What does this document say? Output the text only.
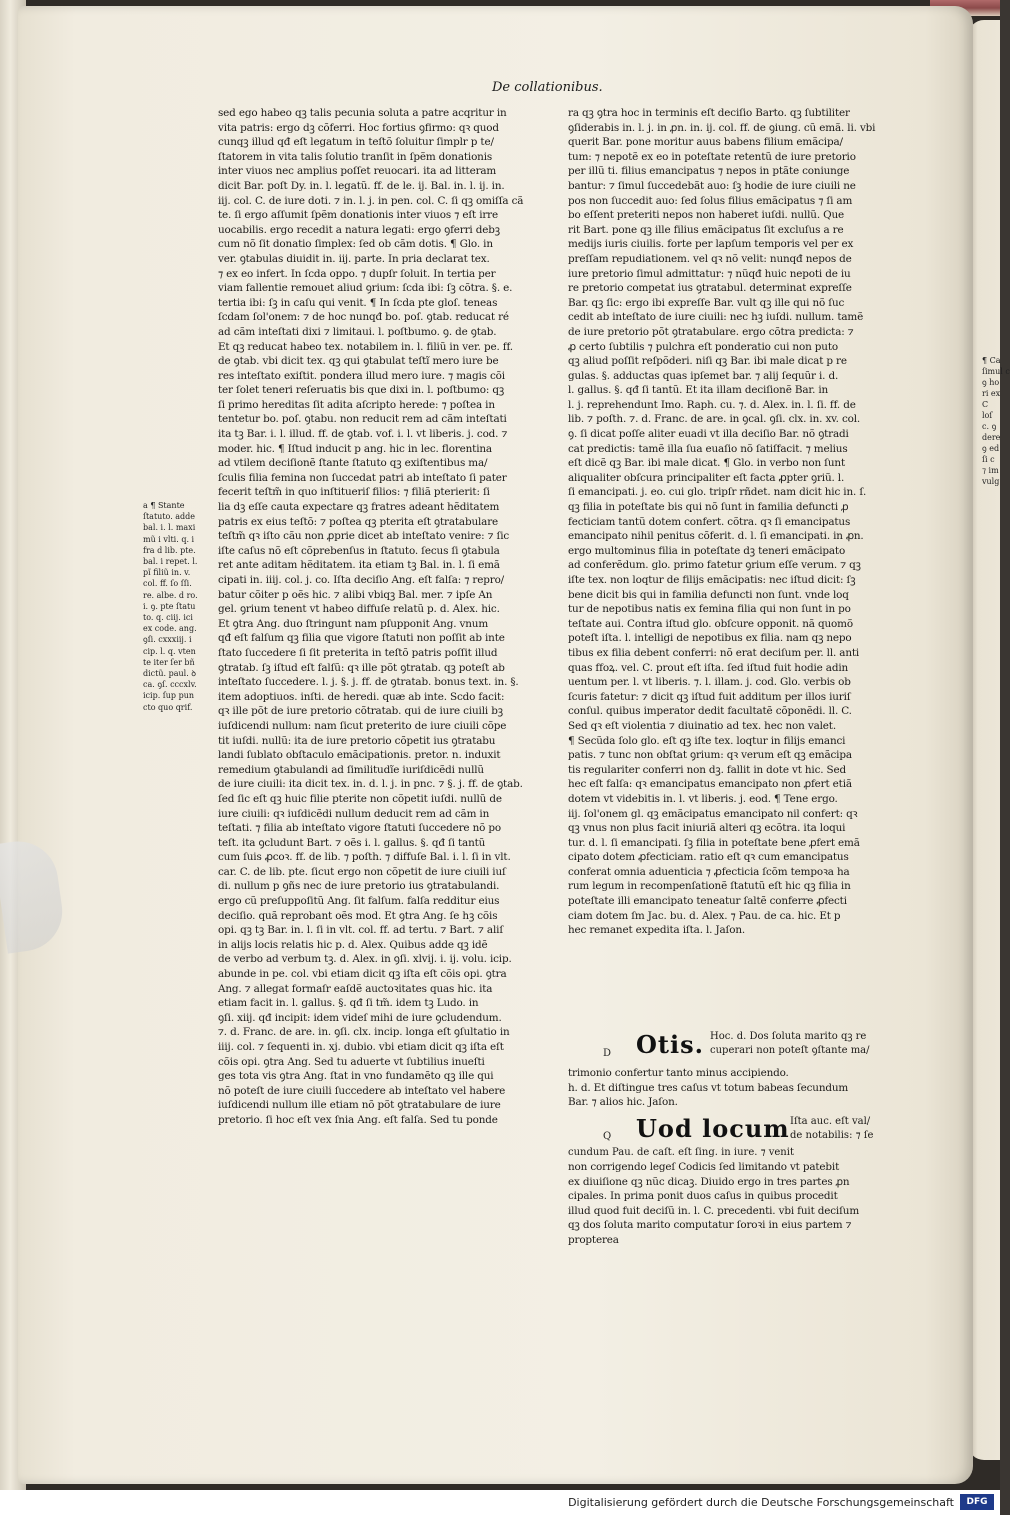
¶ Ca
ſimul c
ꝯ ho
ri ex
C
loſ
c. ꝯ
dere
ꝯ ed
ſi c
⁊ im
vulg
De collationibus.
sed ego habeo qꝫ talis pecunia soluta a patre acqritur in
vita patris: ergo dꝫ cõferri. Hoc fortius ꝯfirmo: qꝛ quod
cunqꝫ illud qđ eſt legatum in teſtõ ſoluitur ſimplr p te/
ſtatorem in vita talis ſolutio tranſit in ſpẽm donationis
inter viuos nec amplius poſſet reuocari. ita ad litteram
dicit Bar. poſt Dy. in. l. legatũ. ff. de le. ij. Bal. in. l. ij. in.
iij. col. C. de iure doti. ⁊ in. l. j. in pen. col. C. ſi qꝫ omiſſa cã
te. ſi ergo aſſumit ſpẽm donationis inter viuos ⁊ eſt irre
uocabilis. ergo recedit a natura legati: ergo ꝯferri debꝫ
cum nõ ſit donatio ſimplex: ſed ob cãm dotis. ¶ Glo. in
ver. ꝯtabulas diuidit in. iij. parte. In pria declarat tex.
⁊ ex eo infert. In ſcda oppo. ⁊ dupſr ſoluit. In tertia per
viam fallentie remouet aliud ꝯrium: ſcda ibi: ſꝫ cõtra. §. e.
tertia ibi: ſꝫ in caſu qui venit. ¶ In ſcda pte gloſ. teneas
ſcdam ſol'onem: ⁊ de hoc nunqđ bo. poſ. ꝯtab. reducat ré
ad cãm inteſtati dixi ⁊ limitaui. l. poſtbumo. ꝯ. de ꝯtab.
Et qꝫ reducat habeo tex. notabilem in. l. filiũ in ver. pe. ff.
de ꝯtab. vbi dicit tex. qꝫ qui ꝯtabulat teſtĩ mero iure be
res inteſtato exiſtit. pondera illud mero iure. ⁊ magis cõi
ter ſolet teneri reſeruatis bis que dixi in. l. poſtbumo: qꝫ
ſi primo hereditas ſit adita aſcripto herede: ⁊ poſtea in
tentetur bo. poſ. ꝯtabu. non reducit rem ad cãm inteſtati
ita tꝫ Bar. i. l. illud. ff. de ꝯtab. vof. i. l. vt liberis. j. cod. ⁊
moder. hic. ¶ Iſtud inducit p ang. hic in lec. florentina
ad vtilem deciſionẽ ſtante ſtatuto qꝫ exiſtentibus ma/
ſculis filia femina non ſuccedat patri ab inteſtato ſi pater
fecerit teſtm̃ in quo inſtitueriſ filios: ⁊ filiã pterierit: ſi
lia dꝫ eſſe cauta expectare qꝫ fratres adeant hẽditatem
patris ex eius teſtõ: ⁊ poſtea qꝫ pterita eſt ꝯtratabulare
teſtm̃ qꝛ iſto cãu non ꝓprie dicet ab inteſtato venire: ⁊ ſic
iſte caſus nõ eſt cõprebenſus in ſtatuto. ſecus ſi ꝯtabula
ret ante aditam hẽditatem. ita etiam tꝫ Bal. in. l. ſi emã
cipati in. iiij. col. j. co. Iſta deciſio Ang. eſt falſa: ⁊ repro/
batur cõiter p oẽs hic. ⁊ alibi vbiqꝫ Bal. mer. ⁊ ipſe An
gel. ꝯrium tenent vt habeo diffuſe relatũ p. d. Alex. hic.
Et ꝯtra Ang. duo ſtringunt nam pſupponit Ang. vnum
qđ eſt falſum qꝫ filia que vigore ſtatuti non poſſit ab inte
ſtato ſuccedere ſi ſit preterita in teſtõ patris poſſit illud
ꝯtratab. ſꝫ iſtud eſt falſũ: qꝛ ille põt ꝯtratab. qꝫ poteſt ab
inteſtato ſuccedere. l. j. §. j. ff. de ꝯtratab. bonus text. in. §.
item adoptiuos. inſti. de heredi. quæ ab inte. Scdo facit:
qꝛ ille põt de iure pretorio cõtratab. qui de iure ciuili bꝫ
iuſdicendi nullum: nam ſicut preterito de iure ciuili cõpe
tit iuſdi. nullũ: ita de iure pretorio cõpetit ius ꝯtratabu
landi ſublato obſtaculo emãcipationis. pretor. n. induxit
remedium ꝯtabulandi ad ſimilitudĩe iuriſdicẽdi nullũ
de iure ciuili: ita dicit tex. in. d. l. j. in pnc. ⁊ §. j. ff. de ꝯtab.
ſed ſic eſt qꝫ huic filie pterite non cõpetit iuſdi. nullũ de
iure ciuili: qꝛ iuſdicẽdi nullum deducit rem ad cãm in
teſtati. ⁊ filia ab inteſtato vigore ſtatuti ſuccedere nõ po
teſt. ita ꝯcludunt Bart. ⁊ oẽs i. l. gallus. §. qđ ſi tantũ
cum ſuis ꝓcoꝛ. ff. de lib. ⁊ poſth. ⁊ diffuſe Bal. i. l. ſi in vlt.
car. C. de lib. pte. ſicut ergo non cõpetit de iure ciuili iuſ
di. nullum p ꝯñs nec de iure pretorio ius ꝯtratabulandi.
ergo cũ preſuppoſitũ Ang. ſit falſum. falſa redditur eius
deciſio. quã reprobant oẽs mod. Et ꝯtra Ang. ſe hꝫ cõis
opi. qꝫ tꝫ Bar. in. l. ſi in vlt. col. ff. ad tertu. ⁊ Bart. ⁊ aliſ
in alijs locis relatis hic p. d. Alex. Quibus adde qꝫ idẽ
de verbo ad verbum tꝫ. d. Alex. in ꝯſi. xlvij. i. ij. volu. icip.
abunde in pe. col. vbi etiam dicit qꝫ iſta eſt cõis opi. ꝯtra
Ang. ⁊ allegat formaſr eaſdẽ auctoꝛitates quas hic. ita
etiam facit in. l. gallus. §. qđ ſi tm̃. idem tꝫ Ludo. in
ꝯſi. xiij. qđ incipit: idem videſ mihi de iure ꝯcludendum.
⁊. d. Franc. de are. in. ꝯſi. clx. incip. longa eſt ꝯſultatio in
iiij. col. ⁊ ſequenti in. xj. dubio. vbi etiam dicit qꝫ iſta eſt
cõis opi. ꝯtra Ang. Sed tu aduerte vt ſubtilius inueſti
ges tota vis ꝯtra Ang. ſtat in vno fundamẽto qꝫ ille qui
nõ poteſt de iure ciuili ſuccedere ab inteſtato vel habere
iuſdicendi nullum ille etiam nõ põt ꝯtratabulare de iure
pretorio. ſi hoc eſt vex ſnia Ang. eſt falſa. Sed tu ponde
ra qꝫ ꝯtra hoc in terminis eſt deciſio Barto. qꝫ ſubtiliter
ꝯſiderabis in. l. j. in ꝓn. in. ij. col. ff. de ꝯiung. cũ emã. li. vbi
querit Bar. pone moritur auus babens filium emãcipa/
tum: ⁊ nepotẽ ex eo in poteſtate retentũ de iure pretorio
per illũ ti. filius emancipatus ⁊ nepos in ptãte coniunge
bantur: ⁊ ſimul ſuccedebãt auo: ſꝫ hodie de iure ciuili ne
pos non ſuccedit auo: ſed ſolus filius emãcipatus ⁊ ſi am
bo eſſent preteriti nepos non haberet iuſdi. nullũ. Que
rit Bart. pone qꝫ ille filius emãcipatus ſit excluſus a re
medijs iuris ciuilis. forte per lapſum temporis vel per ex
preſſam repudiationem. vel qꝛ nõ velit: nunqđ nepos de
iure pretorio ſimul admittatur: ⁊ nũqđ huic nepoti de iu
re pretorio competat ius ꝯtratabul. determinat expreſſe
Bar. qꝫ ſic: ergo ibi expreſſe Bar. vult qꝫ ille qui nõ ſuc
cedit ab inteſtato de iure ciuili: nec hꝫ iuſdi. nullum. tamẽ
de iure pretorio põt ꝯtratabulare. ergo cõtra predicta: ⁊
ꝓ certo ſubtilis ⁊ pulchra eſt ponderatio cui non puto
qꝫ aliud poſſit reſpõderi. niſi qꝫ Bar. ibi male dicat p re
gulas. §. adductas quas ipſemet bar. ⁊ alij ſequũr i. d.
l. gallus. §. qđ ſi tantũ. Et ita illam deciſionẽ Bar. in
l. j. reprehendunt Imo. Raph. cu. ⁊. d. Alex. in. l. ſi. ff. de
lib. ⁊ poſth. ⁊. d. Franc. de are. in ꝯcal. ꝯſi. clx. in. xv. col.
ꝯ. ſi dicat poſſe aliter euadi vt illa deciſio Bar. nõ ꝯtradi
cat predictis: tamẽ illa ſua euaſio nõ ſatiſfacit. ⁊ melius
eſt dicẽ qꝫ Bar. ibi male dicat. ¶ Glo. in verbo non ſunt
aliqualiter obſcura principaliter eſt facta ꝓpter ꝯriũ. l.
ſi emancipati. j. eo. cui glo. tripſr rñdet. nam dicit hic in. ſ.
qꝫ filia in poteſtate bis qui nõ ſunt in familia defuncti ꝓ
fecticiam tantũ dotem confert. cõtra. qꝛ ſi emancipatus
emancipato nihil penitus cõferit. d. l. ſi emancipati. in ꝓn.
ergo multominus filia in poteſtate dꝫ teneri emãcipato
ad conferẽdum. glo. primo fatetur ꝯrium eſſe verum. ⁊ qꝫ
iſte tex. non loqtur de filijs emãcipatis: nec iſtud dicit: ſꝫ
bene dicit bis qui in familia defuncti non ſunt. vnde loq
tur de nepotibus natis ex femina filia qui non ſunt in po
teſtate aui. Contra iſtud glo. obſcure opponit. nã quomõ
poteſt iſta. l. intelligi de nepotibus ex filia. nam qꝫ nepo
tibus ex filia debent conferri: nõ erat deciſum per. ll. anti
quas ffoꝝ. vel. C. prout eſt iſta. ſed iſtud fuit hodie adin
uentum per. l. vt liberis. ⁊. l. illam. j. cod. Glo. verbis ob
ſcuris fatetur: ⁊ dicit qꝫ iſtud fuit additum per illos iuriſ
conſul. quibus imperator dedit facultatẽ cõponẽdi. ll. C.
Sed qꝛ eſt violentia ⁊ diuinatio ad tex. hec non valet.
¶ Secũda ſolo glo. eſt qꝫ iſte tex. loqtur in filijs emanci
patis. ⁊ tunc non obſtat ꝯrium: qꝛ verum eſt qꝫ emãcipa
tis regulariter conferri non dꝫ. fallit in dote vt hic. Sed
hec eſt falſa: qꝛ emancipatus emancipato non ꝓfert etiã
dotem vt videbitis in. l. vt liberis. j. eod. ¶ Tene ergo.
iij. ſol'onem gl. qꝫ emãcipatus emancipato nil confert: qꝛ
qꝫ vnus non plus facit iniuriã alteri qꝫ ecõtra. ita loqui
tur. d. l. ſi emancipati. ſꝫ filia in poteſtate bene ꝓfert emã
cipato dotem ꝓfecticiam. ratio eſt qꝛ cum emancipatus
conferat omnia aduenticia ⁊ ꝓfecticia ſcõm tempoꝛa ha
rum legum in recompenſationẽ ſtatutũ eſt hic qꝫ filia in
poteſtate illi emancipato teneatur ſaltẽ conferre ꝓfecti
ciam dotem ſm Jac. bu. d. Alex. ⁊ Pau. de ca. hic. Et p
hec remanet expedita iſta. l. Jaſon.
a ¶ Stante
ſtatuto. adde
bal. i. l. maxi
mũ i vlti. q. i
fra d lib. pte.
bal. i repet. l.
pĩ filiũ in. v.
col. ff. ſo ſſi.
re. albe. d ro.
i. ꝯ. pte ſtatu
to. q. ciij. ici
ex code. ang.
ꝯſi. cxxxiij. i
cip. l. q. vten
te iter ſer bñ
dictũ. paul. ꝺ
ca. ꝯſ. cccxlv.
icip. ſup pun
cto quo qrif.
D Otis. Hoc. d. Dos ſoluta marito qꝫ re
cuperari non poteſt ꝯſtante ma/
trimonio confertur tanto minus accipiendo.
h. d. Et diſtingue tres caſus vt totum babeas ſecundum
Bar. ⁊ alios hic. Jaſon.
Q Uod locum Iſta auc. eſt val/
de notabilis: ⁊ ſe
cundum Pau. de caſt. eſt ſing. in iure. ⁊ venit
non corrigendo legeſ Codicis ſed limitando vt patebit
ex diuiſione qꝫ nũc dicaꝫ. Diuido ergo in tres partes ꝓn
cipales. In prima ponit duos caſus in quibus procedit
illud quod fuit deciſũ in. l. C. precedenti. vbi fuit deciſum
qꝫ dos ſoluta marito computatur ſoroꝛi in eius partem ⁊
propterea
Digitalisierung gefördert durch die Deutsche Forschungsgemeinschaft	DFG
